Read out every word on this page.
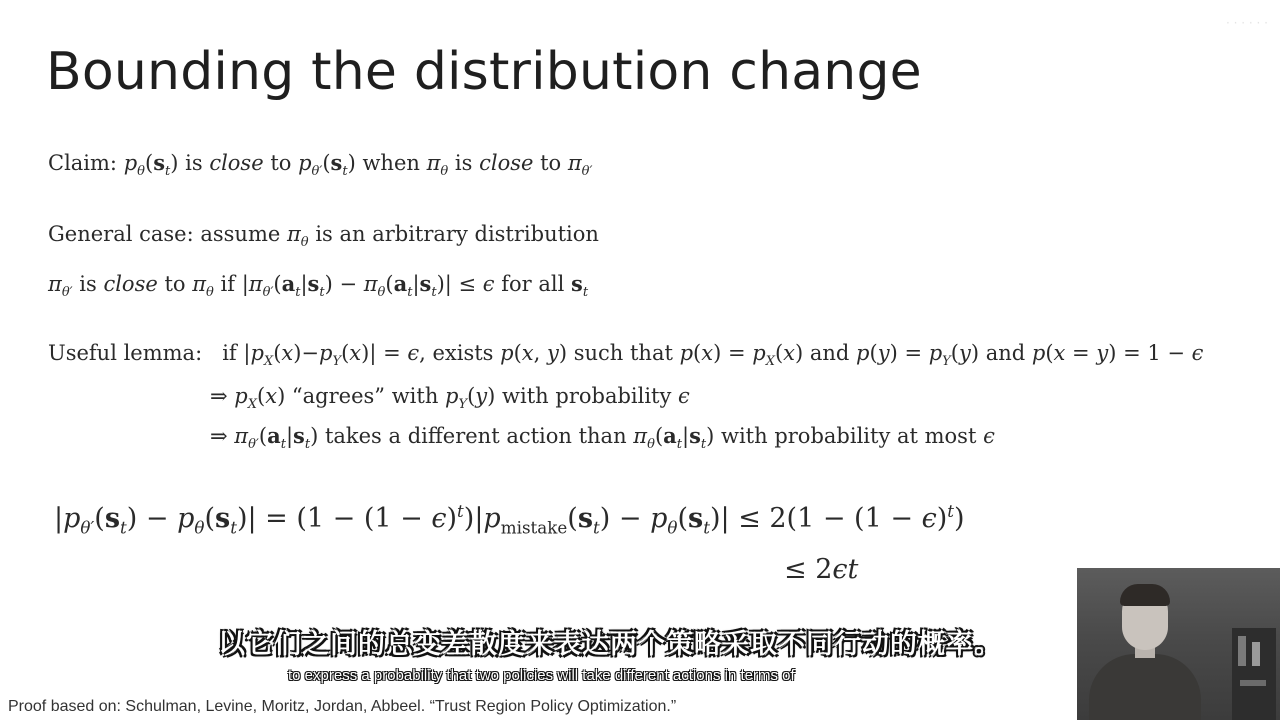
Bounding the distribution change
Claim: $p_\theta(s_t)$ is close to $p_{\theta'}(s_t)$ when $\pi_\theta$ is close to $\pi_{\theta'}$
General case: assume $\pi_\theta$ is an arbitrary distribution
$\pi_{\theta'}$ is close to $\pi_\theta$ if $|\pi_{\theta'}(a_t|s_t) - \pi_\theta(a_t|s_t)| \le \epsilon$ for all $s_t$
Useful lemma:   if $|p_X(x)-p_Y(x)| = \epsilon$, exists p(x, y) such that $p(x) = p_X(x)$ and $p(y) = p_Y(y)$ and p(x = y) = 1 − ϵ
⇒ $p_X(x)$ “agrees” with $p_Y(y)$ with probability ϵ
⇒ $\pi_{\theta'}(a_t|s_t)$ takes a different action than $\pi_\theta(a_t|s_t)$ with probability at most ϵ
$|p_{\theta'}(s_t) - p_\theta(s_t)| = (1 - (1 - \epsilon)^t)|p_{mistake}(s_t) - p_\theta(s_t)| \le 2(1 - (1 - \epsilon)^t)$
≤ 2ϵt
· · · · · ·
以它们之间的总变差散度来表达两个策略采取不同行动的概率。
to express a probability that two policies will take different actions in terms of
Proof based on: Schulman, Levine, Moritz, Jordan, Abbeel. “Trust Region Policy Optimization.”
